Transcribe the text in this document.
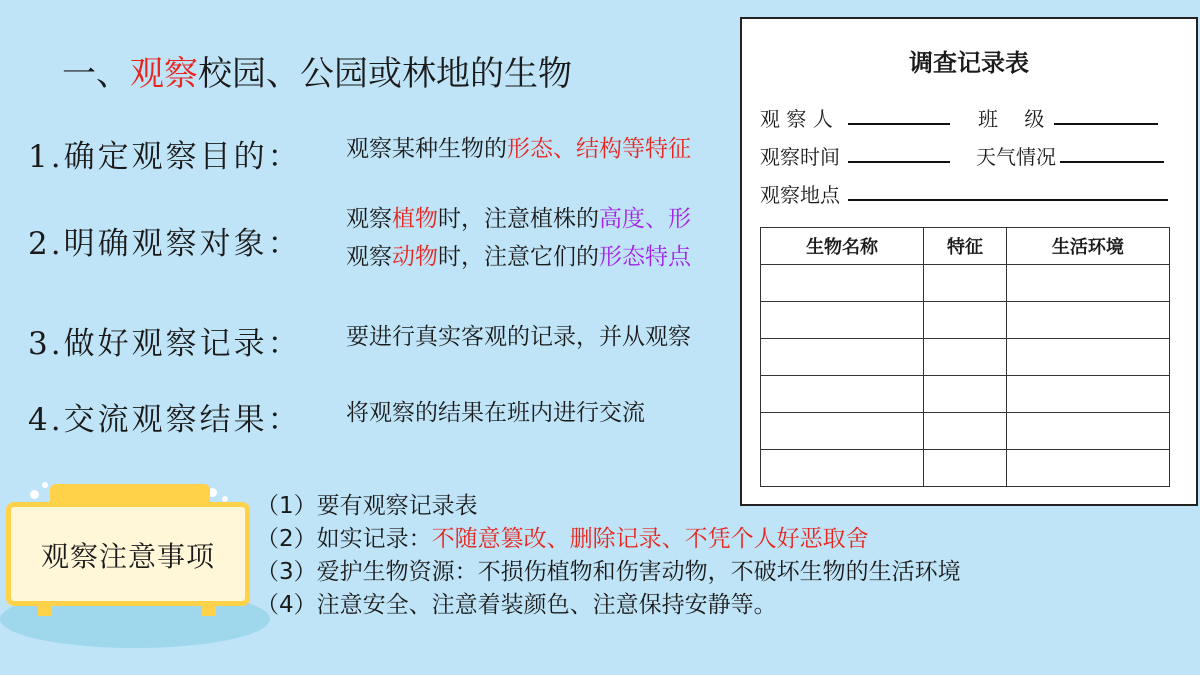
一、观察校园、公园或林地的生物
1.确定观察目的： 观察某种生物的形态、结构等特征
2.明确观察对象：
观察植物时，注意植株的高度、形
观察动物时，注意它们的形态特点
3.做好观察记录： 要进行真实客观的记录，并从观察
4.交流观察结果： 将观察的结果在班内进行交流
观察注意事项
（1）要有观察记录表
（2）如实记录：不随意篡改、删除记录、不凭个人好恶取舍
（3）爱护生物资源：不损伤植物和伤害动物，不破坏生物的生活环境
（4）注意安全、注意着装颜色、注意保持安静等。
调查记录表
观 察 人	班　 级
观察时间	天气情况
观察地点
生物名称	特征	生活环境
